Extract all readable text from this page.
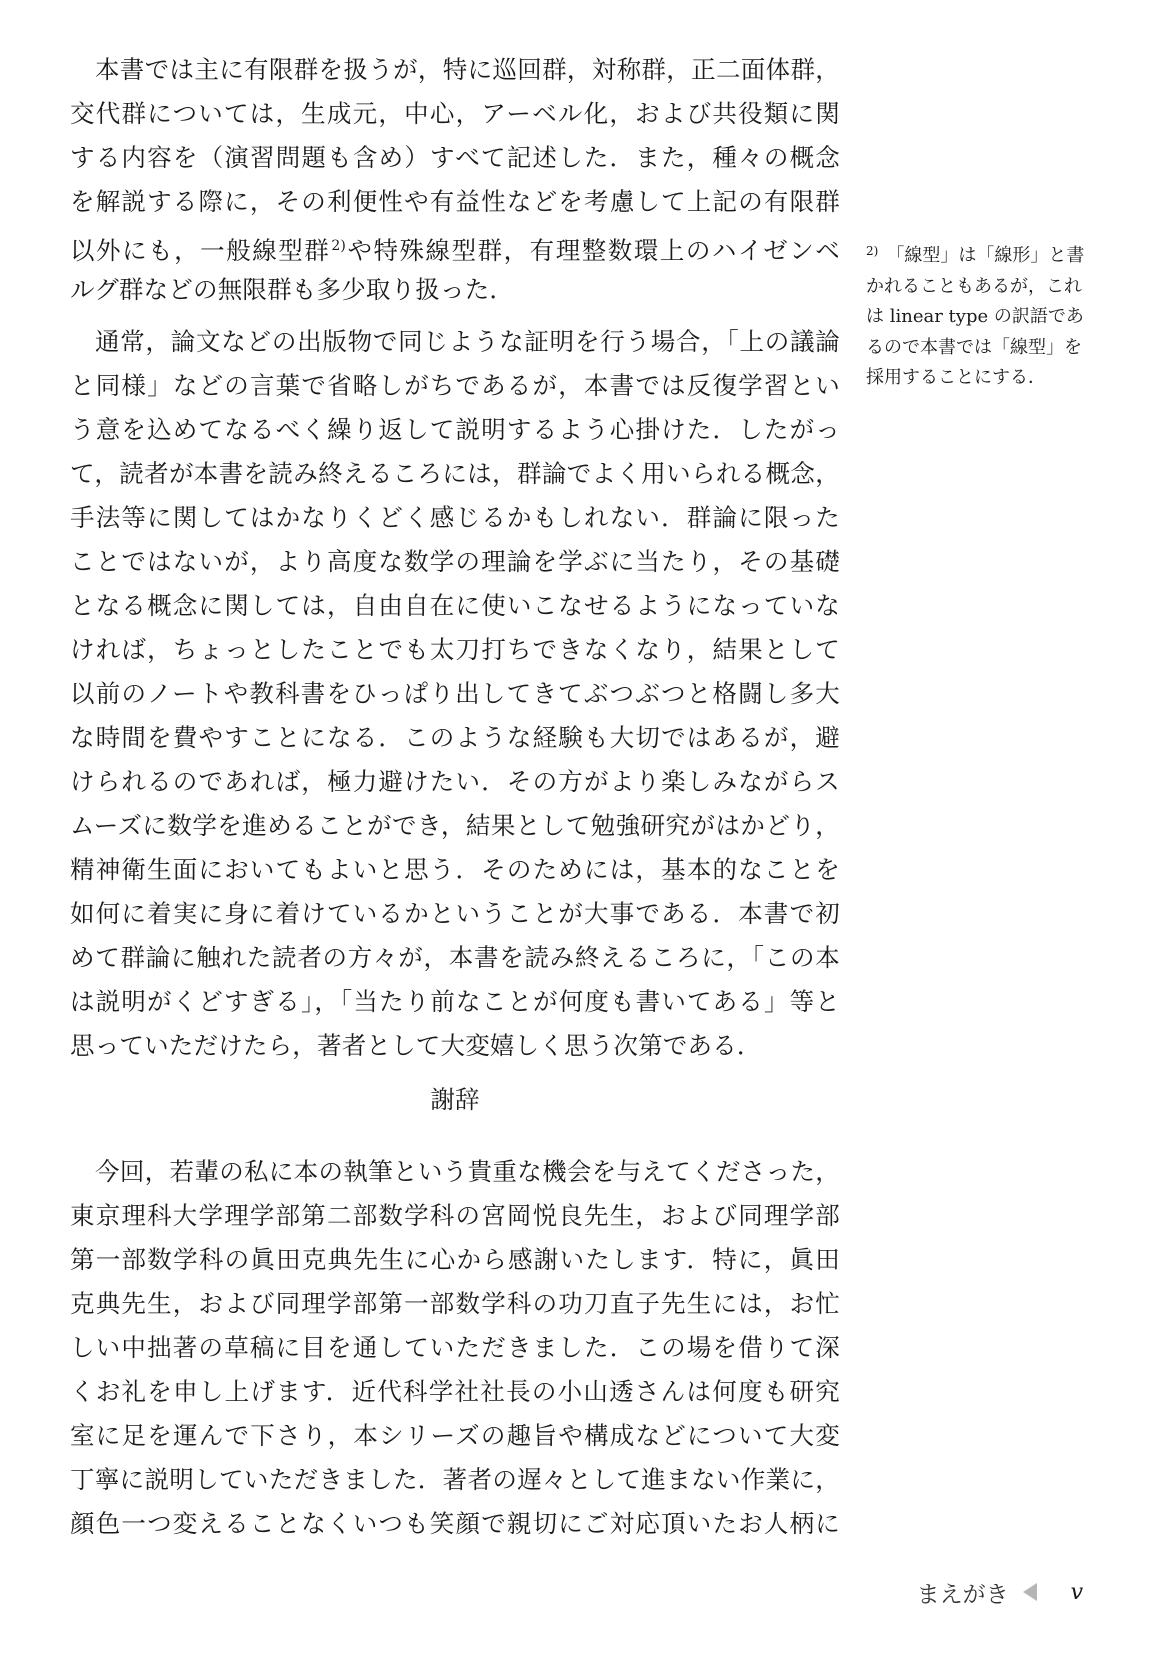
本書では主に有限群を扱うが，特に巡回群，対称群，正二面体群，
交代群については，生成元，中心，アーベル化，および共役類に関
する内容を（演習問題も含め）すべて記述した．また，種々の概念
を解説する際に，その利便性や有益性などを考慮して上記の有限群
以外にも，一般線型群$^{2)}$や特殊線型群，有理整数環上のハイゼンベ
ルグ群などの無限群も多少取り扱った．
通常，論文などの出版物で同じような証明を行う場合，「上の議論
と同様」などの言葉で省略しがちであるが，本書では反復学習とい
う意を込めてなるべく繰り返して説明するよう心掛けた．したがっ
て，読者が本書を読み終えるころには，群論でよく用いられる概念，
手法等に関してはかなりくどく感じるかもしれない．群論に限った
ことではないが，より高度な数学の理論を学ぶに当たり，その基礎
となる概念に関しては，自由自在に使いこなせるようになっていな
ければ，ちょっとしたことでも太刀打ちできなくなり，結果として
以前のノートや教科書をひっぱり出してきてぶつぶつと格闘し多大
な時間を費やすことになる．このような経験も大切ではあるが，避
けられるのであれば，極力避けたい．その方がより楽しみながらス
ムーズに数学を進めることができ，結果として勉強研究がはかどり，
精神衛生面においてもよいと思う．そのためには，基本的なことを
如何に着実に身に着けているかということが大事である．本書で初
めて群論に触れた読者の方々が，本書を読み終えるころに，「この本
は説明がくどすぎる」，「当たり前なことが何度も書いてある」等と
思っていただけたら，著者として大変嬉しく思う次第である．
謝辞
今回，若輩の私に本の執筆という貴重な機会を与えてくださった，
東京理科大学理学部第二部数学科の宮岡悦良先生，および同理学部
第一部数学科の眞田克典先生に心から感謝いたします．特に，眞田
克典先生，および同理学部第一部数学科の功刀直子先生には，お忙
しい中拙著の草稿に目を通していただきました．この場を借りて深
くお礼を申し上げます．近代科学社社長の小山透さんは何度も研究
室に足を運んで下さり，本シリーズの趣旨や構成などについて大変
丁寧に説明していただきました．著者の遅々として進まない作業に，
顔色一つ変えることなくいつも笑顔で親切にご対応頂いたお人柄に
$^{2)}$ 「線型」は「線形」と書
かれることもあるが，これ
は linear type の訳語であ
るので本書では「線型」を
採用することにする．
まえがき	v
